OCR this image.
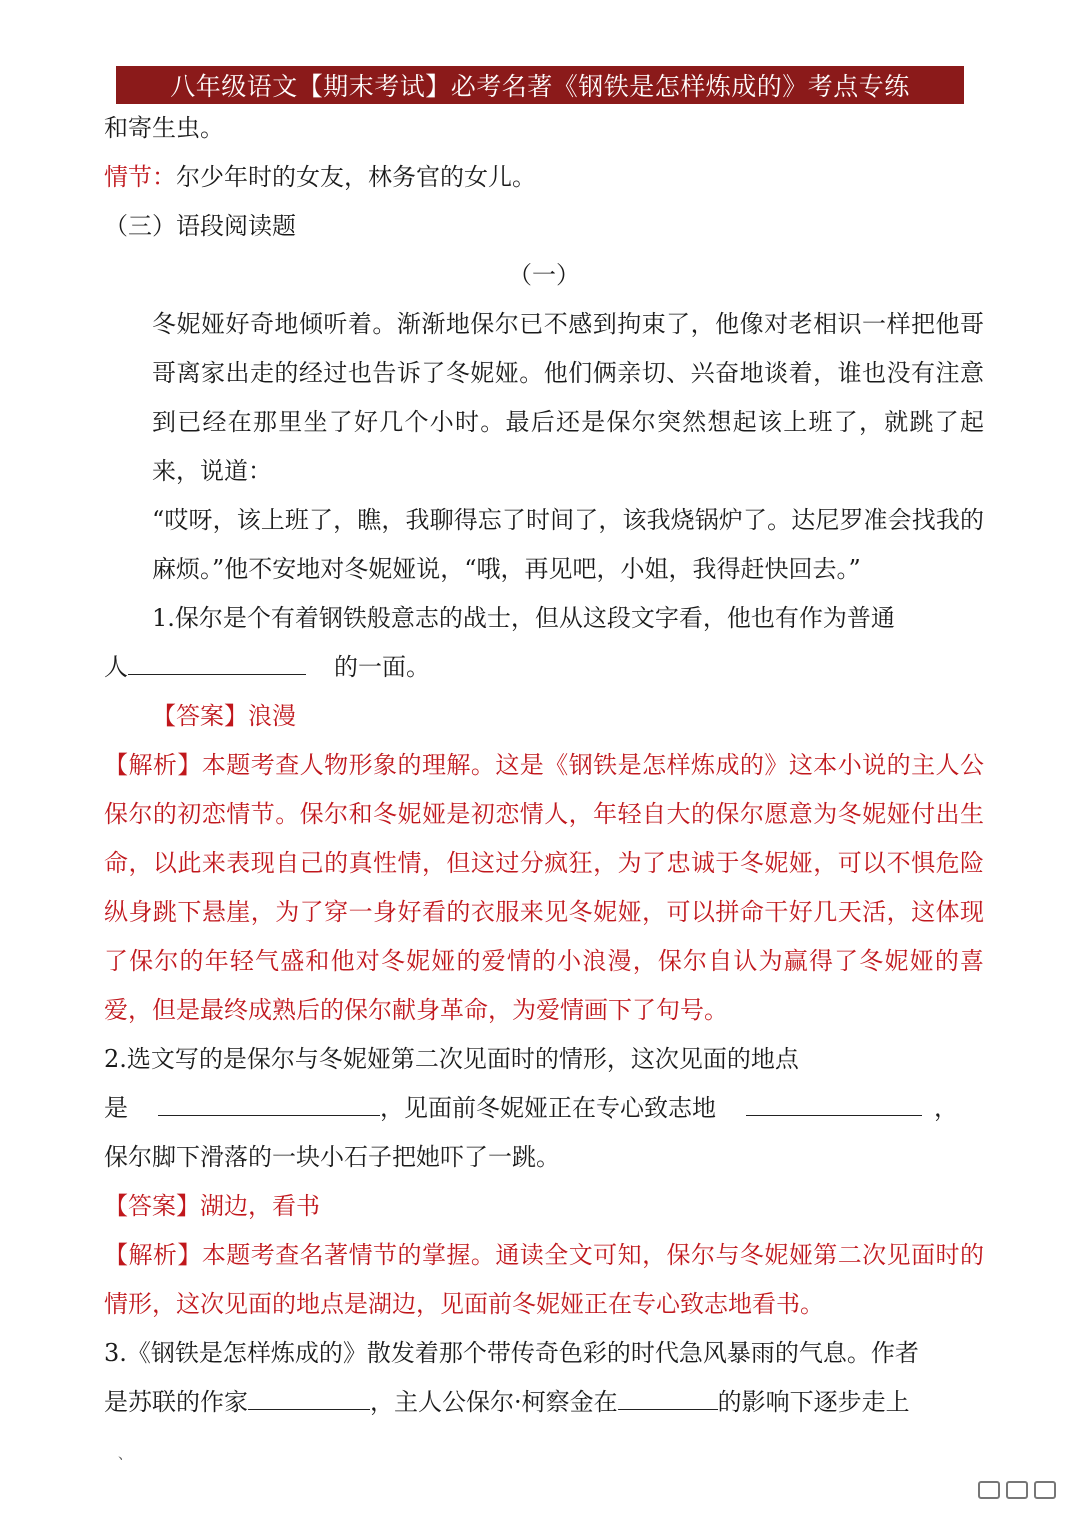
八年级语文【期末考试】必考名著《钢铁是怎样炼成的》考点专练

和寄生虫。

情节：尔少年时的女友，林务官的女儿。

（三）语段阅读题

（一）

冬妮娅好奇地倾听着。渐渐地保尔已不感到拘束了，他像对老相识一样把他哥哥离家出走的经过也告诉了冬妮娅。他们俩亲切、兴奋地谈着，谁也没有注意到已经在那里坐了好几个小时。最后还是保尔突然想起该上班了，就跳了起来，说道：

“哎呀，该上班了，瞧，我聊得忘了时间了，该我烧锅炉了。达尼罗准会找我的麻烦。”他不安地对冬妮娅说，“哦，再见吧，小姐，我得赶快回去。”

1.保尔是个有着钢铁般意志的战士，但从这段文字看，他也有作为普通

人	的一面。

【答案】浪漫

【解析】本题考查人物形象的理解。这是《钢铁是怎样炼成的》这本小说的主人公保尔的初恋情节。保尔和冬妮娅是初恋情人，年轻自大的保尔愿意为冬妮娅付出生命，以此来表现自己的真性情，但这过分疯狂，为了忠诚于冬妮娅，可以不惧危险纵身跳下悬崖，为了穿一身好看的衣服来见冬妮娅，可以拼命干好几天活，这体现了保尔的年轻气盛和他对冬妮娅的爱情的小浪漫，保尔自认为赢得了冬妮娅的喜爱，但是最终成熟后的保尔献身革命，为爱情画下了句号。

2.选文写的是保尔与冬妮娅第二次见面时的情形，这次见面的地点

是	，见面前冬妮娅正在专心致志地	，

保尔脚下滑落的一块小石子把她吓了一跳。

【答案】湖边，看书

【解析】本题考查名著情节的掌握。通读全文可知，保尔与冬妮娅第二次见面时的情形，这次见面的地点是湖边，见面前冬妮娅正在专心致志地看书。

3.《钢铁是怎样炼成的》散发着那个带传奇色彩的时代急风暴雨的气息。作者

是苏联的作家	，主人公保尔·柯察金在	的影响下逐步走上

、
